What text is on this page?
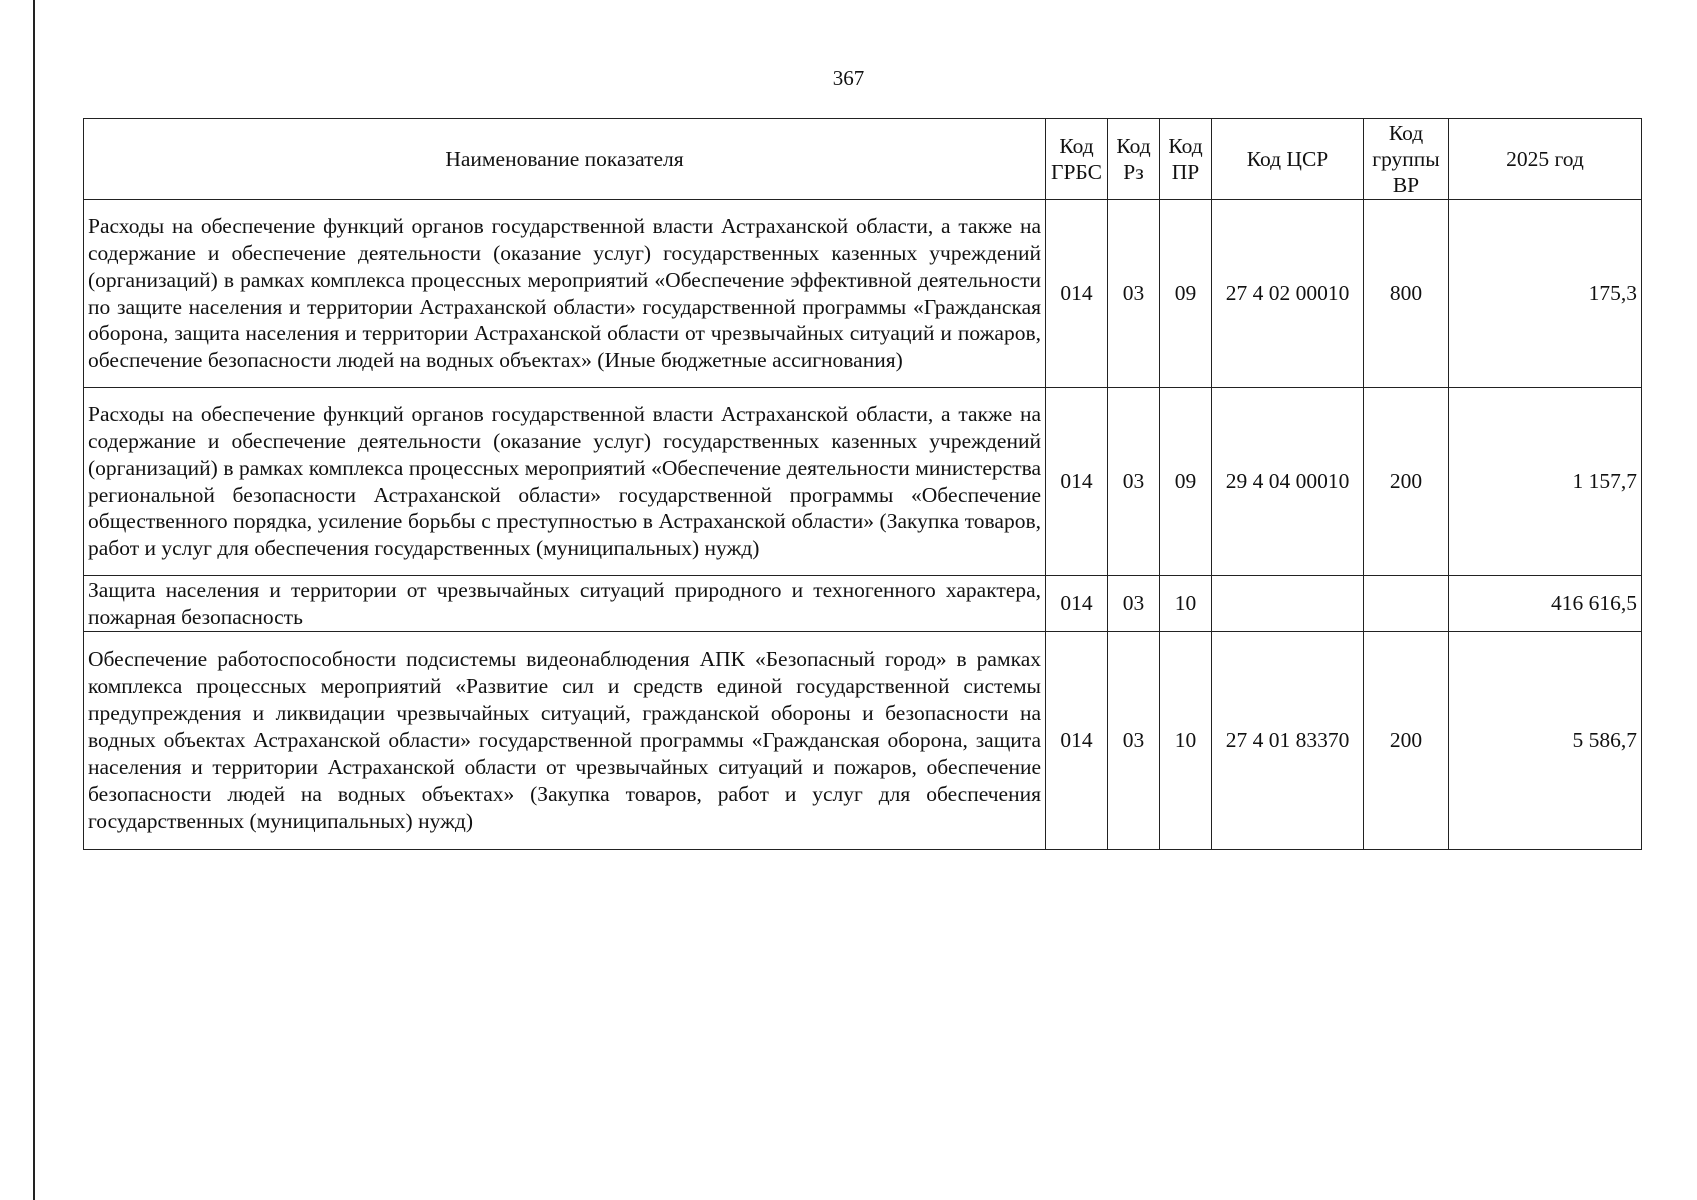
367
Наименование показателя	Код ГРБС	Код Рз	Код ПР	Код ЦСР	Код группы ВР	2025 год
Расходы на обеспечение функций органов государственной власти Астраханской области, а также на содержание и обеспечение деятельности (оказание услуг) государственных казенных учреждений (организаций) в рамках комплекса процессных мероприятий «Обеспечение эффективной деятельности по защите населения и территории Астраханской области» государственной программы «Гражданская оборона, защита населения и территории Астраханской области от чрезвычайных ситуаций и пожаров, обеспечение безопасности людей на водных объектах» (Иные бюджетные ассигнования)	014	03	09	27 4 02 00010	800	175,3
Расходы на обеспечение функций органов государственной власти Астраханской области, а также на содержание и обеспечение деятельности (оказание услуг) государственных казенных учреждений (организаций) в рамках комплекса процессных мероприятий «Обеспечение деятельности министерства региональной безопасности Астраханской области» государственной программы «Обеспечение общественного порядка, усиление борьбы с преступностью в Астраханской области» (Закупка товаров, работ и услуг для обеспечения государственных (муниципальных) нужд)	014	03	09	29 4 04 00010	200	1 157,7
Защита населения и территории от чрезвычайных ситуаций природного и техногенного характера, пожарная безопасность	014	03	10			416 616,5
Обеспечение работоспособности подсистемы видеонаблюдения АПК «Безопасный город» в рамках комплекса процессных мероприятий «Развитие сил и средств единой государственной системы предупреждения и ликвидации чрезвычайных ситуаций, гражданской обороны и безопасности на водных объектах Астраханской области» государственной программы «Гражданская оборона, защита населения и территории Астраханской области от чрезвычайных ситуаций и пожаров, обеспечение безопасности людей на водных объектах» (Закупка товаров, работ и услуг для обеспечения государственных (муниципальных) нужд)	014	03	10	27 4 01 83370	200	5 586,7
